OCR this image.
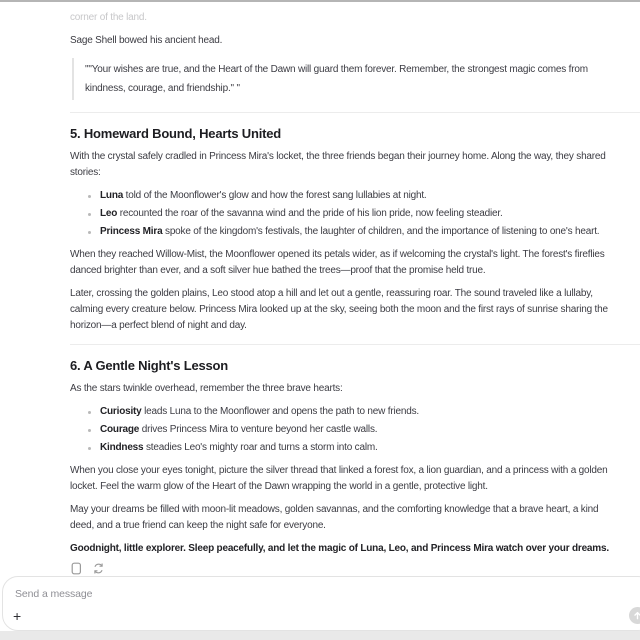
corner of the land.

Sage Shell bowed his ancient head.

""Your wishes are true, and the Heart of the Dawn will guard them forever. Remember, the strongest magic comes from kindness, courage, and friendship." "
5. Homeward Bound, Hearts United

With the crystal safely cradled in Princess Mira's locket, the three friends began their journey home. Along the way, they shared stories:

Luna told of the Moonflower's glow and how the forest sang lullabies at night.
Leo recounted the roar of the savanna wind and the pride of his lion pride, now feeling steadier.
Princess Mira spoke of the kingdom's festivals, the laughter of children, and the importance of listening to one's heart.

When they reached Willow-Mist, the Moonflower opened its petals wider, as if welcoming the crystal's light. The forest's fireflies danced brighter than ever, and a soft silver hue bathed the trees—proof that the promise held true.

Later, crossing the golden plains, Leo stood atop a hill and let out a gentle, reassuring roar. The sound traveled like a lullaby, calming every creature below. Princess Mira looked up at the sky, seeing both the moon and the first rays of sunrise sharing the horizon—a perfect blend of night and day.

6. A Gentle Night's Lesson

As the stars twinkle overhead, remember the three brave hearts:

Curiosity leads Luna to the Moonflower and opens the path to new friends.
Courage drives Princess Mira to venture beyond her castle walls.
Kindness steadies Leo's mighty roar and turns a storm into calm.

When you close your eyes tonight, picture the silver thread that linked a forest fox, a lion guardian, and a princess with a golden locket. Feel the warm glow of the Heart of the Dawn wrapping the world in a gentle, protective light.

May your dreams be filled with moon-lit meadows, golden savannas, and the comforting knowledge that a brave heart, a kind deed, and a true friend can keep the night safe for everyone.

Goodnight, little explorer. Sleep peacefully, and let the magic of Luna, Leo, and Princess Mira watch over your dreams.

Send a message
+
